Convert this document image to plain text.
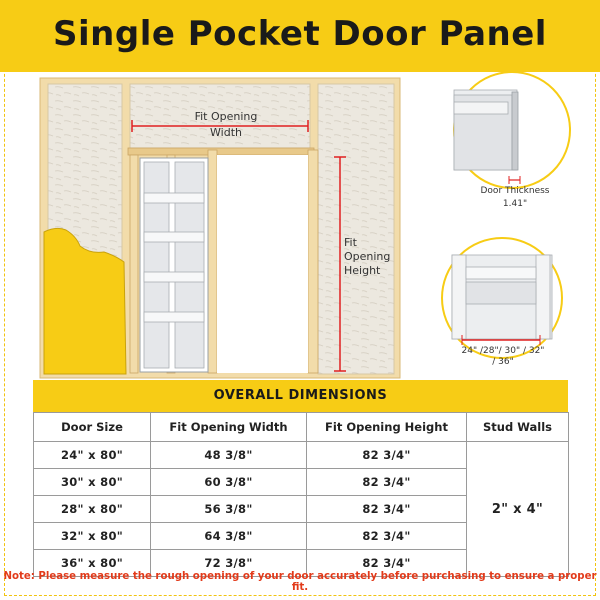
Single Pocket Door Panel
Fit Opening
Width
Fit
Opening
Height
Door Thickness
1.41"
24" /28"/ 30" / 32"
/ 36"
OVERALL DIMENSIONS
Door Size	Fit Opening Width	Fit Opening Height	Stud Walls
24" x 80"	48 3/8"	82 3/4"	2" x 4"
30" x 80"	60 3/8"	82 3/4"	
28" x 80"	56 3/8"	82 3/4"	
32" x 80"	64 3/8"	82 3/4"	
36" x 80"	72 3/8"	82 3/4"	
Note: Please measure the rough opening of your door accurately before purchasing to ensure a proper fit.
